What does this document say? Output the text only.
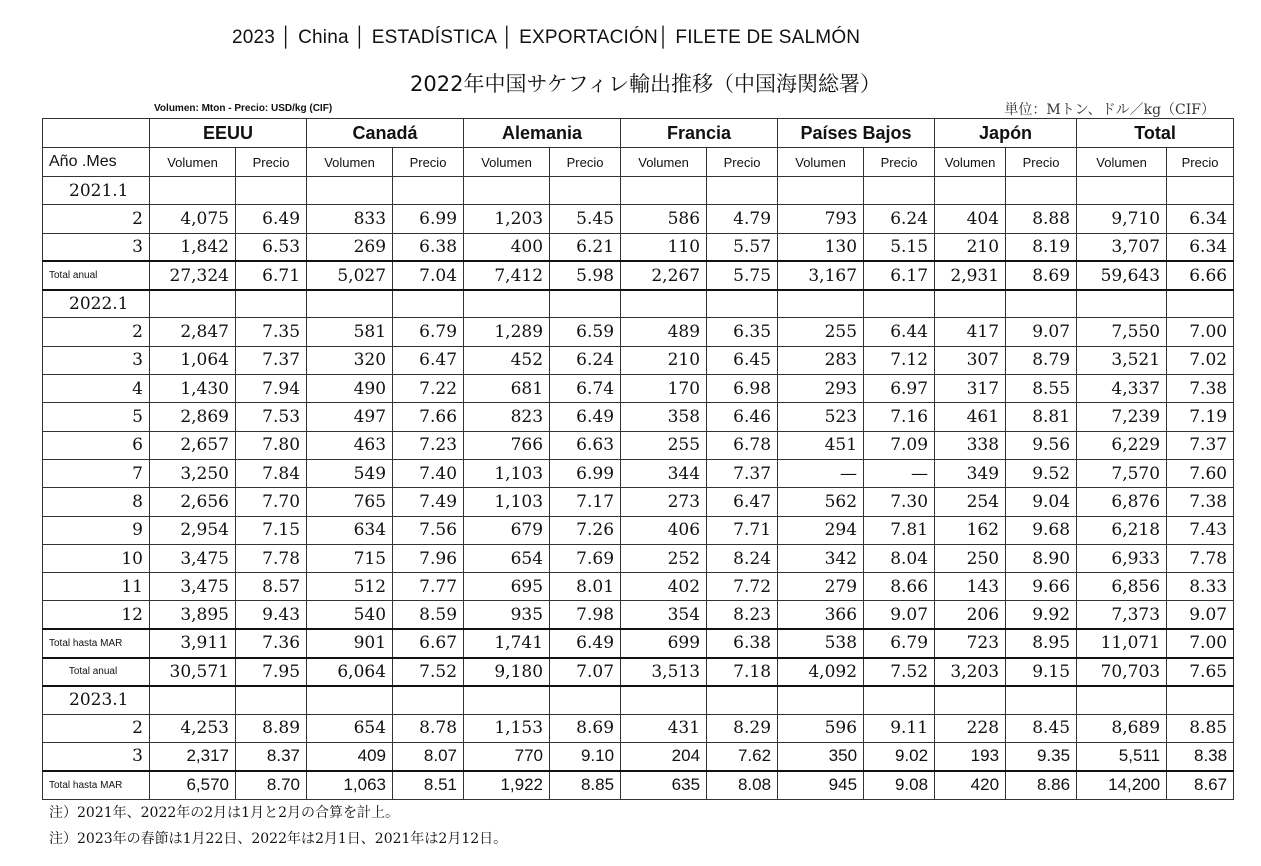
2023 │ China │ ESTADÍSTICA │ EXPORTACIÓN│ FILETE DE SALMÓN
2022年中国サケフィレ輸出推移（中国海関総署）
Volumen: Mton - Precio: USD/kg (CIF)	単位：Mトン、ドル／kg（CIF）
	EEUU		Canadá		Alemania		Francia		Países Bajos		Japón		Total	
Año .Mes	Volumen	Precio	Volumen	Precio	Volumen	Precio	Volumen	Precio	Volumen	Precio	Volumen	Precio	Volumen	Precio
2021.1														
2	4,075	6.49	833	6.99	1,203	5.45	586	4.79	793	6.24	404	8.88	9,710	6.34
3	1,842	6.53	269	6.38	400	6.21	110	5.57	130	5.15	210	8.19	3,707	6.34
Total anual	27,324	6.71	5,027	7.04	7,412	5.98	2,267	5.75	3,167	6.17	2,931	8.69	59,643	6.66
2022.1														
2	2,847	7.35	581	6.79	1,289	6.59	489	6.35	255	6.44	417	9.07	7,550	7.00
3	1,064	7.37	320	6.47	452	6.24	210	6.45	283	7.12	307	8.79	3,521	7.02
4	1,430	7.94	490	7.22	681	6.74	170	6.98	293	6.97	317	8.55	4,337	7.38
5	2,869	7.53	497	7.66	823	6.49	358	6.46	523	7.16	461	8.81	7,239	7.19
6	2,657	7.80	463	7.23	766	6.63	255	6.78	451	7.09	338	9.56	6,229	7.37
7	3,250	7.84	549	7.40	1,103	6.99	344	7.37	—	—	349	9.52	7,570	7.60
8	2,656	7.70	765	7.49	1,103	7.17	273	6.47	562	7.30	254	9.04	6,876	7.38
9	2,954	7.15	634	7.56	679	7.26	406	7.71	294	7.81	162	9.68	6,218	7.43
10	3,475	7.78	715	7.96	654	7.69	252	8.24	342	8.04	250	8.90	6,933	7.78
11	3,475	8.57	512	7.77	695	8.01	402	7.72	279	8.66	143	9.66	6,856	8.33
12	3,895	9.43	540	8.59	935	7.98	354	8.23	366	9.07	206	9.92	7,373	9.07
Total hasta MAR	3,911	7.36	901	6.67	1,741	6.49	699	6.38	538	6.79	723	8.95	11,071	7.00
Total anual	30,571	7.95	6,064	7.52	9,180	7.07	3,513	7.18	4,092	7.52	3,203	9.15	70,703	7.65
2023.1														
2	4,253	8.89	654	8.78	1,153	8.69	431	8.29	596	9.11	228	8.45	8,689	8.85
3	2,317	8.37	409	8.07	770	9.10	204	7.62	350	9.02	193	9.35	5,511	8.38
Total hasta MAR	6,570	8.70	1,063	8.51	1,922	8.85	635	8.08	945	9.08	420	8.86	14,200	8.67
注）2021年、2022年の2月は1月と2月の合算を計上。
注）2023年の春節は1月22日、2022年は2月1日、2021年は2月12日。
